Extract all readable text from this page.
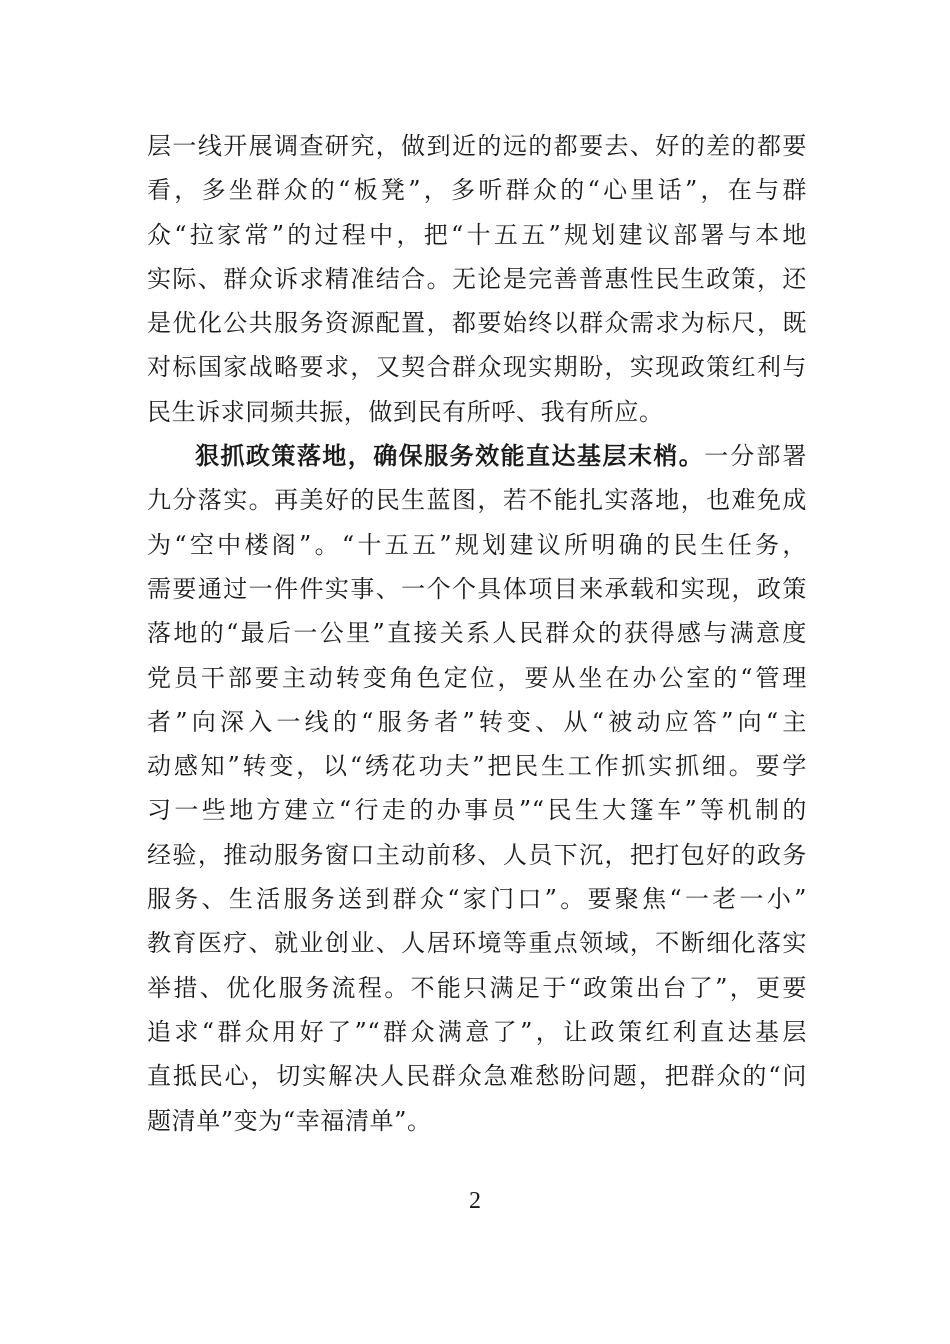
层一线开展调查研究，做到近的远的都要去、好的差的都要
看，多坐群众的“板凳”，多听群众的“心里话”，在与群
众“拉家常”的过程中，把“十五五”规划建议部署与本地
实际、群众诉求精准结合。无论是完善普惠性民生政策，还
是优化公共服务资源配置，都要始终以群众需求为标尺，既
对标国家战略要求，又契合群众现实期盼，实现政策红利与
民生诉求同频共振，做到民有所呼、我有所应。
狠抓政策落地，确保服务效能直达基层末梢。一分部署
九分落实。再美好的民生蓝图，若不能扎实落地，也难免成
为“空中楼阁”。“十五五”规划建议所明确的民生任务，
需要通过一件件实事、一个个具体项目来承载和实现，政策
落地的“最后一公里”直接关系人民群众的获得感与满意度
党员干部要主动转变角色定位，要从坐在办公室的“管理
者”向深入一线的“服务者”转变、从“被动应答”向“主
动感知”转变，以“绣花功夫”把民生工作抓实抓细。要学
习一些地方建立“行走的办事员”“民生大篷车”等机制的
经验，推动服务窗口主动前移、人员下沉，把打包好的政务
服务、生活服务送到群众“家门口”。要聚焦“一老一小”
教育医疗、就业创业、人居环境等重点领域，不断细化落实
举措、优化服务流程。不能只满足于“政策出台了”，更要
追求“群众用好了”“群众满意了”，让政策红利直达基层
直抵民心，切实解决人民群众急难愁盼问题，把群众的“问
题清单”变为“幸福清单”。
2
